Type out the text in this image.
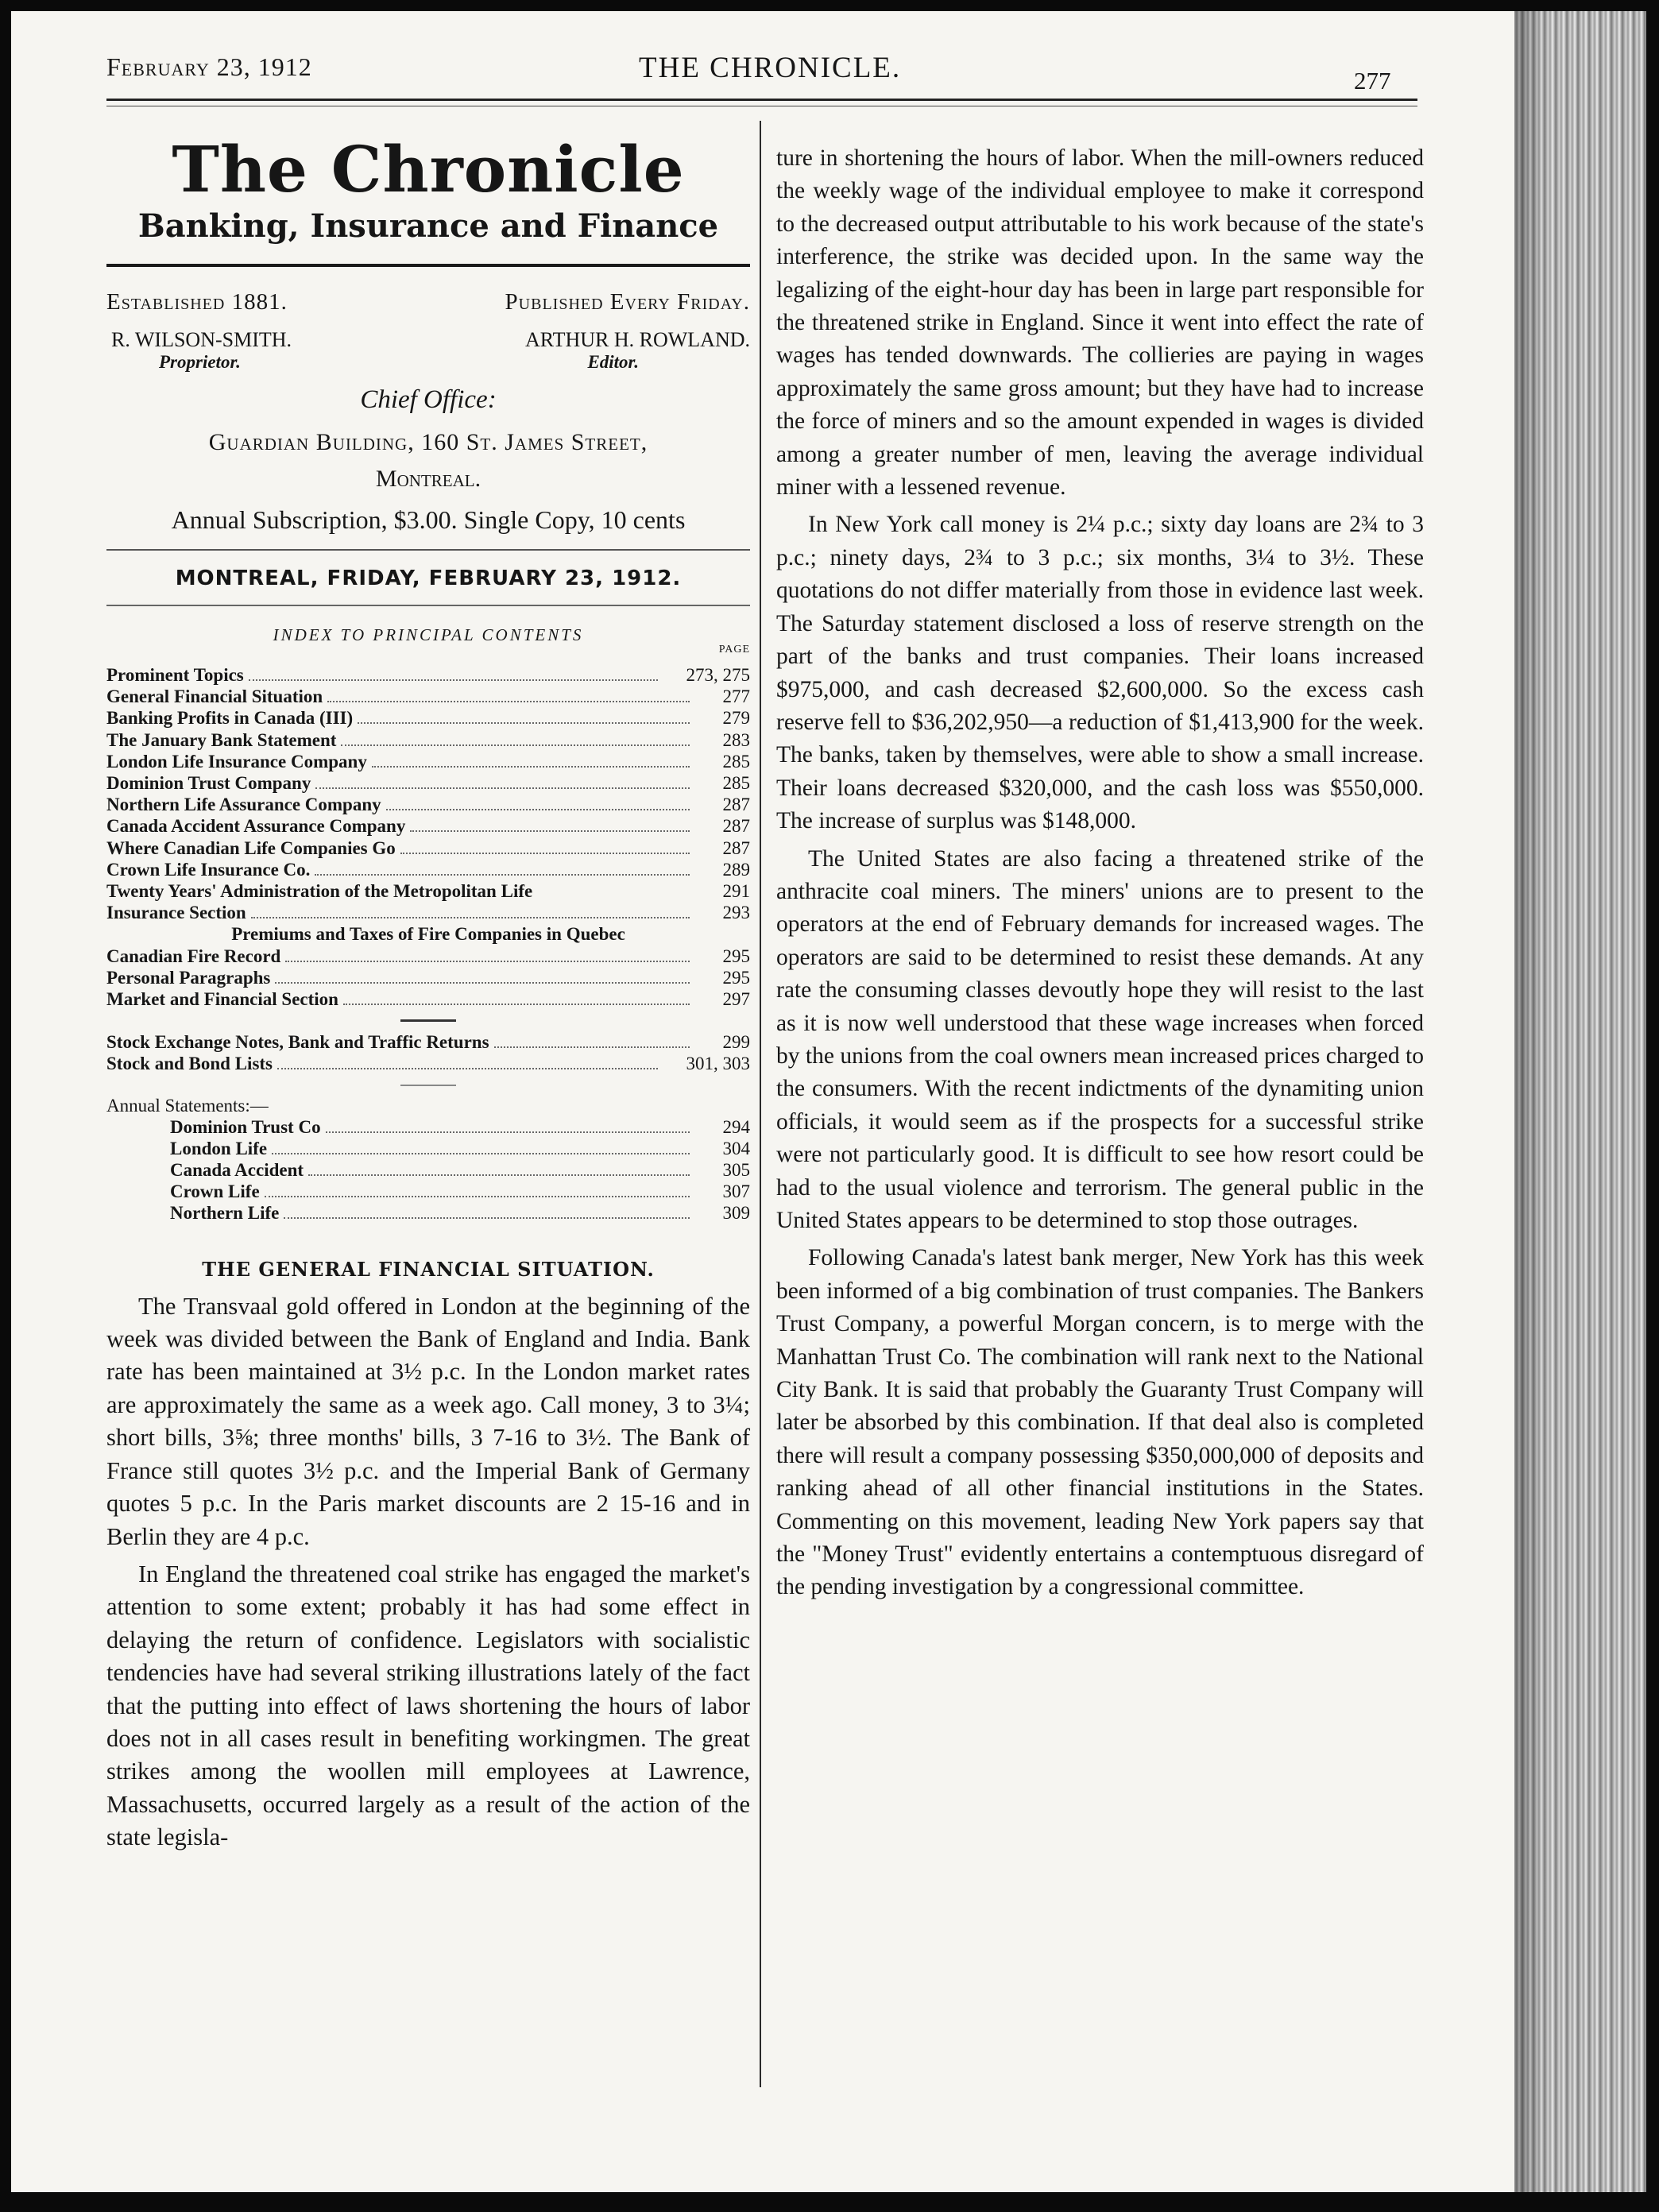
February 23, 1912	THE CHRONICLE.	277
The Chronicle
Banking, Insurance and Finance
Established 1881.	Published Every Friday.
R. WILSON-SMITH.
Proprietor.
ARTHUR H. ROWLAND.
Editor.
Chief Office:
Guardian Building, 160 St. James Street,
Montreal.
Annual Subscription, $3.00. Single Copy, 10 cents
MONTREAL, FRIDAY, FEBRUARY 23, 1912.
INDEX TO PRINCIPAL CONTENTS
PAGE
Prominent Topics	273, 275
General Financial Situation	277
Banking Profits in Canada (III)	279
The January Bank Statement	283
London Life Insurance Company	285
Dominion Trust Company	285
Northern Life Assurance Company	287
Canada Accident Assurance Company	287
Where Canadian Life Companies Go	287
Crown Life Insurance Co.	289
Twenty Years' Administration of the Metropolitan Life	291
Insurance Section	293
Premiums and Taxes of Fire Companies in Quebec
Canadian Fire Record	295
Personal Paragraphs	295
Market and Financial Section	297
Stock Exchange Notes, Bank and Traffic Returns	299
Stock and Bond Lists	301, 303
Annual Statements:—
Dominion Trust Co	294
London Life	304
Canada Accident	305
Crown Life	307
Northern Life	309
THE GENERAL FINANCIAL SITUATION.

The Transvaal gold offered in London at the beginning of the week was divided between the Bank of England and India. Bank rate has been maintained at 3½ p.c. In the London market rates are approximately the same as a week ago. Call money, 3 to 3¼; short bills, 3⅝; three months' bills, 3 7-16 to 3½. The Bank of France still quotes 3½ p.c. and the Imperial Bank of Germany quotes 5 p.c. In the Paris market discounts are 2 15-16 and in Berlin they are 4 p.c.

In England the threatened coal strike has engaged the market's attention to some extent; probably it has had some effect in delaying the return of confidence. Legislators with socialistic tendencies have had several striking illustrations lately of the fact that the putting into effect of laws shortening the hours of labor does not in all cases result in benefiting workingmen. The great strikes among the woollen mill employees at Lawrence, Massachusetts, occurred largely as a result of the action of the state legisla-

ture in shortening the hours of labor. When the mill-owners reduced the weekly wage of the individual employee to make it correspond to the decreased output attributable to his work because of the state's interference, the strike was decided upon. In the same way the legalizing of the eight-hour day has been in large part responsible for the threatened strike in England. Since it went into effect the rate of wages has tended downwards. The collieries are paying in wages approximately the same gross amount; but they have had to increase the force of miners and so the amount expended in wages is divided among a greater number of men, leaving the average individual miner with a lessened revenue.

In New York call money is 2¼ p.c.; sixty day loans are 2¾ to 3 p.c.; ninety days, 2¾ to 3 p.c.; six months, 3¼ to 3½. These quotations do not differ materially from those in evidence last week. The Saturday statement disclosed a loss of reserve strength on the part of the banks and trust companies. Their loans increased $975,000, and cash decreased $2,600,000. So the excess cash reserve fell to $36,202,950—a reduction of $1,413,900 for the week. The banks, taken by themselves, were able to show a small increase. Their loans decreased $320,000, and the cash loss was $550,000. The increase of surplus was $148,000.

The United States are also facing a threatened strike of the anthracite coal miners. The miners' unions are to present to the operators at the end of February demands for increased wages. The operators are said to be determined to resist these demands. At any rate the consuming classes devoutly hope they will resist to the last as it is now well understood that these wage increases when forced by the unions from the coal owners mean increased prices charged to the consumers. With the recent indictments of the dynamiting union officials, it would seem as if the prospects for a successful strike were not particularly good. It is difficult to see how resort could be had to the usual violence and terrorism. The general public in the United States appears to be determined to stop those outrages.

Following Canada's latest bank merger, New York has this week been informed of a big combination of trust companies. The Bankers Trust Company, a powerful Morgan concern, is to merge with the Manhattan Trust Co. The combination will rank next to the National City Bank. It is said that probably the Guaranty Trust Company will later be absorbed by this combination. If that deal also is completed there will result a company possessing $350,000,000 of deposits and ranking ahead of all other financial institutions in the States. Commenting on this movement, leading New York papers say that the "Money Trust" evidently entertains a contemptuous disregard of the pending investigation by a congressional committee.
